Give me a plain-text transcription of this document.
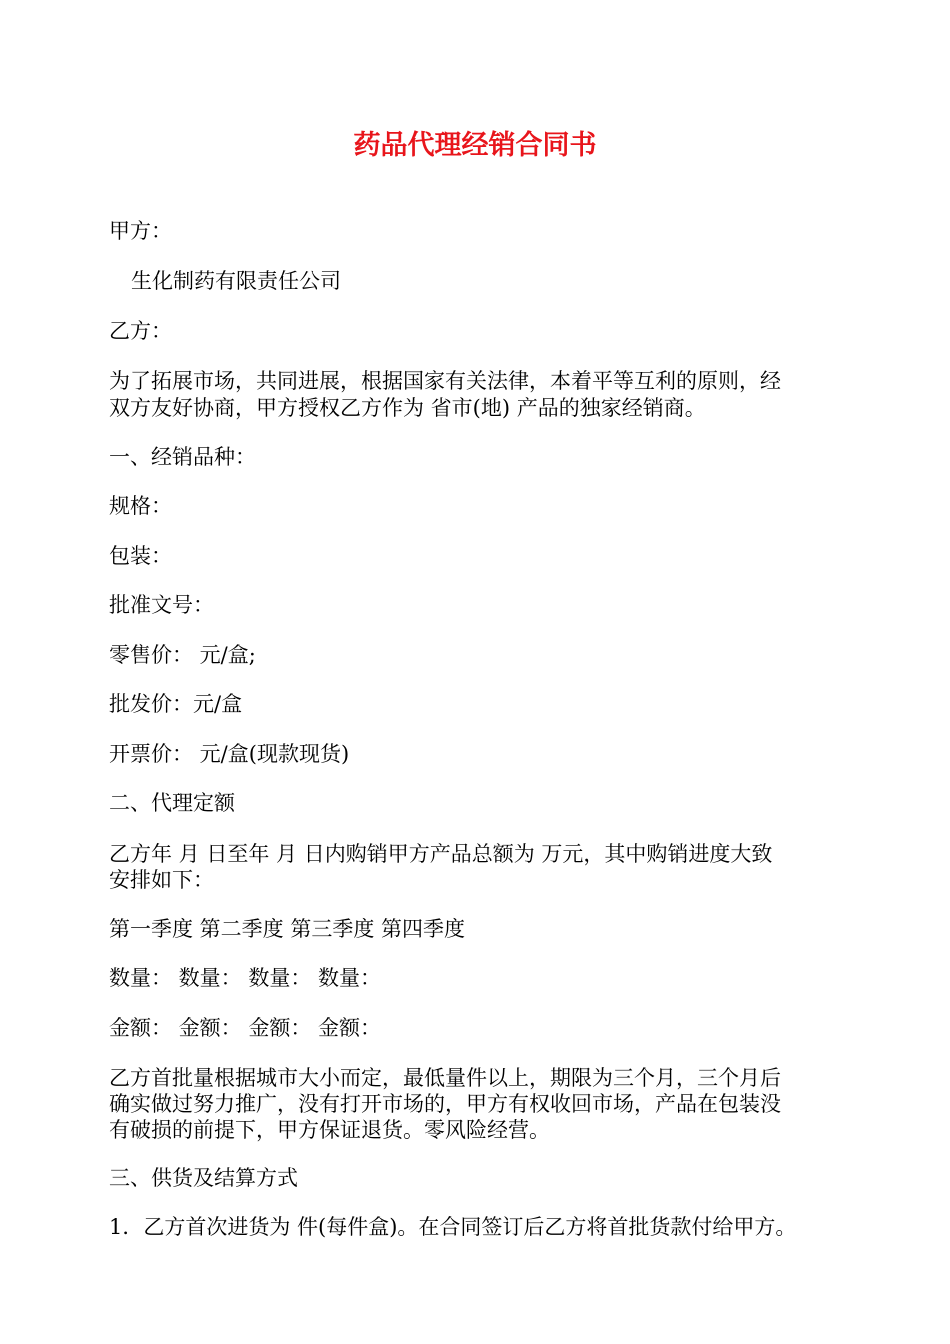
药品代理经销合同书

甲方：

生化制药有限责任公司

乙方：

为了拓展市场，共同进展，根据国家有关法律，本着平等互利的原则，经

双方友好协商，甲方授权乙方作为 省市(地) 产品的独家经销商。

一、经销品种：

规格：

包装：

批准文号：

零售价： 元/盒;

批发价：元/盒

开票价： 元/盒(现款现货)

二、代理定额

乙方年 月 日至年 月 日内购销甲方产品总额为 万元，其中购销进度大致

安排如下：

第一季度 第二季度 第三季度 第四季度

数量： 数量： 数量： 数量：

金额： 金额： 金额： 金额：

乙方首批量根据城市大小而定，最低量件以上，期限为三个月，三个月后

确实做过努力推广，没有打开市场的，甲方有权收回市场，产品在包装没

有破损的前提下，甲方保证退货。零风险经营。

三、供货及结算方式

1．乙方首次进货为 件(每件盒)。在合同签订后乙方将首批货款付给甲方。
